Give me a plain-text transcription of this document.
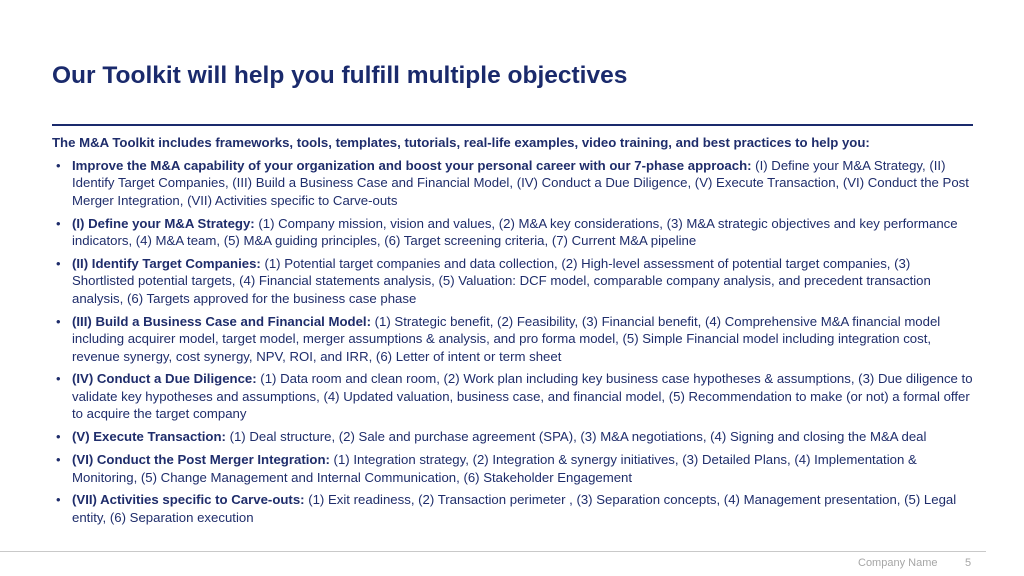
Our Toolkit will help you fulfill multiple objectives

The M&A Toolkit includes frameworks, tools, templates, tutorials, real-life examples, video training, and best practices to help you:

• Improve the M&A capability of your organization and boost your personal career with our 7-phase approach: (I) Define your M&A Strategy, (II) Identify Target Companies, (III) Build a Business Case and Financial Model, (IV) Conduct a Due Diligence, (V) Execute Transaction, (VI) Conduct the Post Merger Integration, (VII) Activities specific to Carve-outs
• (I) Define your M&A Strategy: (1) Company mission, vision and values, (2) M&A key considerations, (3) M&A strategic objectives and key performance indicators, (4) M&A team, (5) M&A guiding principles, (6) Target screening criteria, (7) Current M&A pipeline
• (II) Identify Target Companies: (1) Potential target companies and data collection, (2) High-level assessment of potential target companies, (3) Shortlisted potential targets, (4) Financial statements analysis, (5) Valuation: DCF model, comparable company analysis, and precedent transaction analysis, (6) Targets approved for the business case phase
• (III) Build a Business Case and Financial Model: (1) Strategic benefit, (2) Feasibility, (3) Financial benefit, (4) Comprehensive M&A financial model including acquirer model, target model, merger assumptions & analysis, and pro forma model, (5) Simple Financial model including integration cost, revenue synergy, cost synergy, NPV, ROI, and IRR, (6) Letter of intent or term sheet
• (IV) Conduct a Due Diligence: (1) Data room and clean room, (2) Work plan including key business case hypotheses & assumptions, (3) Due diligence to validate key hypotheses and assumptions, (4) Updated valuation, business case, and financial model, (5) Recommendation to make (or not) a formal offer to acquire the target company
• (V) Execute Transaction: (1) Deal structure, (2) Sale and purchase agreement (SPA), (3) M&A negotiations, (4) Signing and closing the M&A deal
• (VI) Conduct the Post Merger Integration: (1) Integration strategy, (2) Integration & synergy initiatives, (3) Detailed Plans, (4) Implementation & Monitoring, (5) Change Management and Internal Communication, (6) Stakeholder Engagement
• (VII) Activities specific to Carve-outs: (1) Exit readiness, (2) Transaction perimeter , (3) Separation concepts, (4) Management presentation, (5) Legal entity, (6) Separation execution
Company Name	5
